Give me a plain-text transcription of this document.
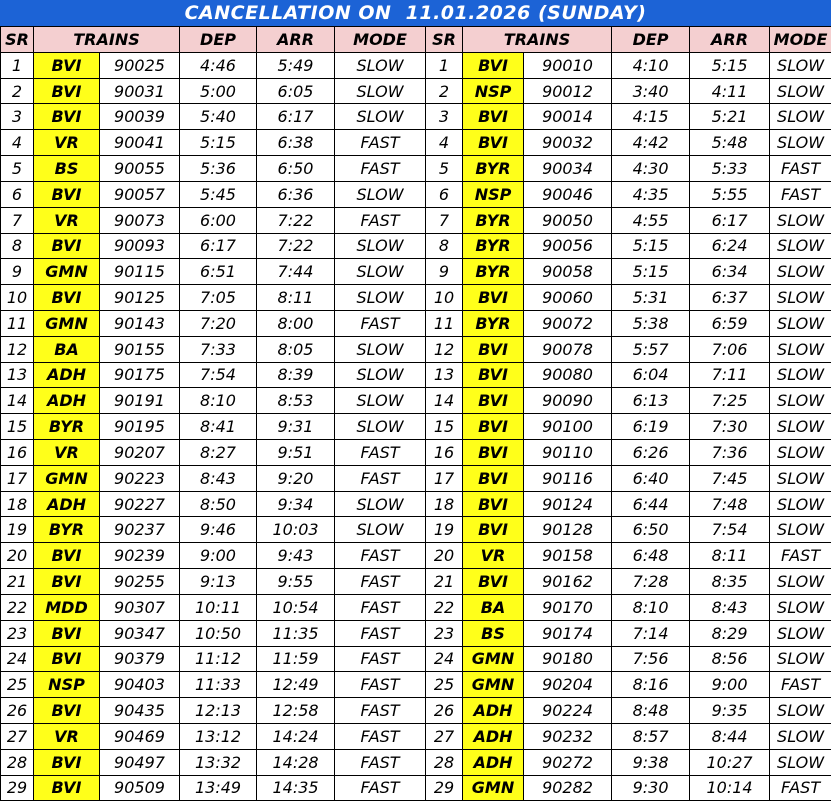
CANCELLATION ON  11.01.2026 (SUNDAY)
SR	TRAINS		DEP	ARR	MODE	SR	TRAINS		DEP	ARR	MODE
1	BVI	90025	4:46	5:49	SLOW	1	BVI	90010	4:10	5:15	SLOW
2	BVI	90031	5:00	6:05	SLOW	2	NSP	90012	3:40	4:11	SLOW
3	BVI	90039	5:40	6:17	SLOW	3	BVI	90014	4:15	5:21	SLOW
4	VR	90041	5:15	6:38	FAST	4	BVI	90032	4:42	5:48	SLOW
5	BS	90055	5:36	6:50	FAST	5	BYR	90034	4:30	5:33	FAST
6	BVI	90057	5:45	6:36	SLOW	6	NSP	90046	4:35	5:55	FAST
7	VR	90073	6:00	7:22	FAST	7	BYR	90050	4:55	6:17	SLOW
8	BVI	90093	6:17	7:22	SLOW	8	BYR	90056	5:15	6:24	SLOW
9	GMN	90115	6:51	7:44	SLOW	9	BYR	90058	5:15	6:34	SLOW
10	BVI	90125	7:05	8:11	SLOW	10	BVI	90060	5:31	6:37	SLOW
11	GMN	90143	7:20	8:00	FAST	11	BYR	90072	5:38	6:59	SLOW
12	BA	90155	7:33	8:05	SLOW	12	BVI	90078	5:57	7:06	SLOW
13	ADH	90175	7:54	8:39	SLOW	13	BVI	90080	6:04	7:11	SLOW
14	ADH	90191	8:10	8:53	SLOW	14	BVI	90090	6:13	7:25	SLOW
15	BYR	90195	8:41	9:31	SLOW	15	BVI	90100	6:19	7:30	SLOW
16	VR	90207	8:27	9:51	FAST	16	BVI	90110	6:26	7:36	SLOW
17	GMN	90223	8:43	9:20	FAST	17	BVI	90116	6:40	7:45	SLOW
18	ADH	90227	8:50	9:34	SLOW	18	BVI	90124	6:44	7:48	SLOW
19	BYR	90237	9:46	10:03	SLOW	19	BVI	90128	6:50	7:54	SLOW
20	BVI	90239	9:00	9:43	FAST	20	VR	90158	6:48	8:11	FAST
21	BVI	90255	9:13	9:55	FAST	21	BVI	90162	7:28	8:35	SLOW
22	MDD	90307	10:11	10:54	FAST	22	BA	90170	8:10	8:43	SLOW
23	BVI	90347	10:50	11:35	FAST	23	BS	90174	7:14	8:29	SLOW
24	BVI	90379	11:12	11:59	FAST	24	GMN	90180	7:56	8:56	SLOW
25	NSP	90403	11:33	12:49	FAST	25	GMN	90204	8:16	9:00	FAST
26	BVI	90435	12:13	12:58	FAST	26	ADH	90224	8:48	9:35	SLOW
27	VR	90469	13:12	14:24	FAST	27	ADH	90232	8:57	8:44	SLOW
28	BVI	90497	13:32	14:28	FAST	28	ADH	90272	9:38	10:27	SLOW
29	BVI	90509	13:49	14:35	FAST	29	GMN	90282	9:30	10:14	FAST
